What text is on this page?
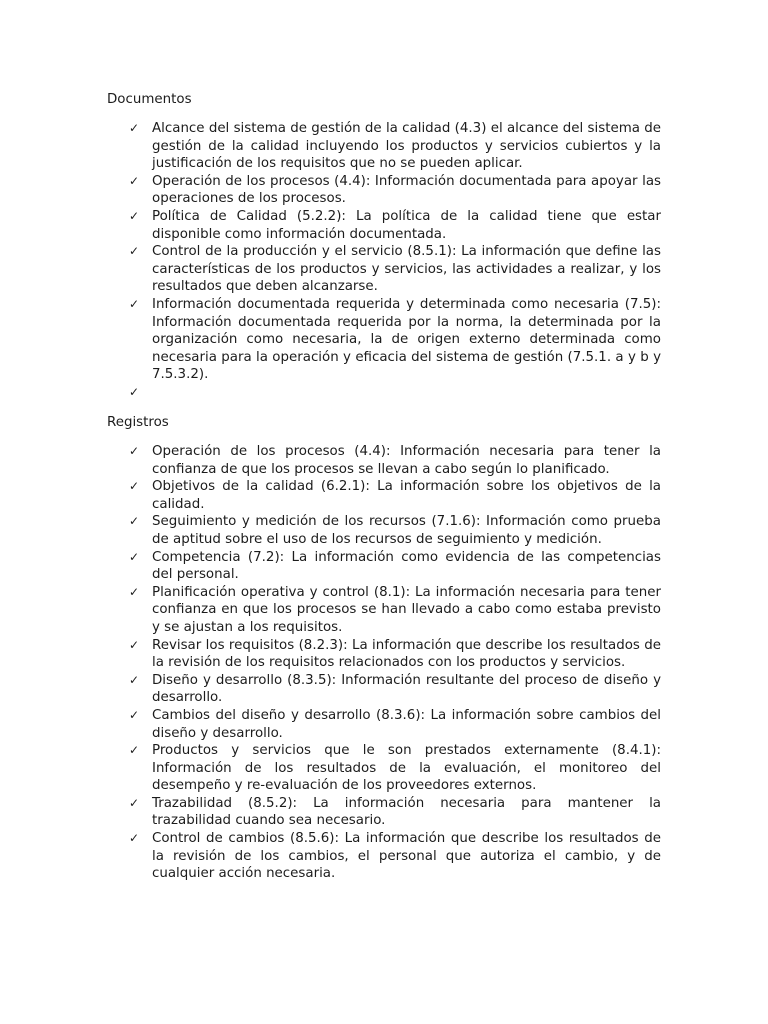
Documentos
✓ Alcance del sistema de gestión de la calidad (4.3) el alcance del sistema de gestión de la calidad incluyendo los productos y servicios cubiertos y la justificación de los requisitos que no se pueden aplicar.
✓ Operación de los procesos (4.4): Información documentada para apoyar las operaciones de los procesos.
✓ Política de Calidad (5.2.2): La política de la calidad tiene que estar disponible como información documentada.
✓ Control de la producción y el servicio (8.5.1): La información que define las características de los productos y servicios, las actividades a realizar, y los resultados que deben alcanzarse.
✓ Información documentada requerida y determinada como necesaria (7.5): Información documentada requerida por la norma, la determinada por la organización como necesaria, la de origen externo determinada como necesaria para la operación y eficacia del sistema de gestión (7.5.1. a y b y 7.5.3.2).
✓
Registros
✓ Operación de los procesos (4.4): Información necesaria para tener la confianza de que los procesos se llevan a cabo según lo planificado.
✓ Objetivos de la calidad (6.2.1): La información sobre los objetivos de la calidad.
✓ Seguimiento y medición de los recursos (7.1.6): Información como prueba de aptitud sobre el uso de los recursos de seguimiento y medición.
✓ Competencia (7.2): La información como evidencia de las competencias del personal.
✓ Planificación operativa y control (8.1): La información necesaria para tener confianza en que los procesos se han llevado a cabo como estaba previsto y se ajustan a los requisitos.
✓ Revisar los requisitos (8.2.3): La información que describe los resultados de la revisión de los requisitos relacionados con los productos y servicios.
✓ Diseño y desarrollo (8.3.5): Información resultante del proceso de diseño y desarrollo.
✓ Cambios del diseño y desarrollo (8.3.6): La información sobre cambios del diseño y desarrollo.
✓ Productos y servicios que le son prestados externamente (8.4.1): Información de los resultados de la evaluación, el monitoreo del desempeño y re-evaluación de los proveedores externos.
✓ Trazabilidad (8.5.2): La información necesaria para mantener la trazabilidad cuando sea necesario.
✓ Control de cambios (8.5.6): La información que describe los resultados de la revisión de los cambios, el personal que autoriza el cambio, y de cualquier acción necesaria.
